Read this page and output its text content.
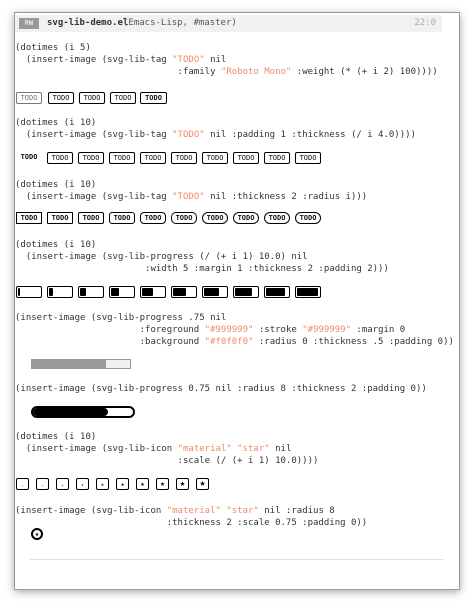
RW	svg-lib-demo.el
(Emacs-Lisp, #master)	22:0
(dotimes (i 5)
(insert-image (svg-lib-tag "TODO" nil
:family "Roboto Mono" :weight (* (+ i 2) 100))))
(dotimes (i 10)
(insert-image (svg-lib-tag "TODO" nil :padding 1 :thickness (/ i 4.0))))
(dotimes (i 10)
(insert-image (svg-lib-tag "TODO" nil :thickness 2 :radius i)))
(dotimes (i 10)
(insert-image (svg-lib-progress (/ (+ i 1) 10.0) nil
:width 5 :margin 1 :thickness 2 :padding 2)))
(insert-image (svg-lib-progress .75 nil
:foreground "#999999" :stroke "#999999" :margin 0
:background "#f0f0f0" :radius 0 :thickness .5 :padding 0))
(insert-image (svg-lib-progress 0.75 nil :radius 8 :thickness 2 :padding 0))
(dotimes (i 10)
(insert-image (svg-lib-icon "material" "star" nil
:scale (/ (+ i 1) 10.0))))
(insert-image (svg-lib-icon "material" "star" nil :radius 8
:thickness 2 :scale 0.75 :padding 0))
TODO	TODO	TODO	TODO	TODO
TODO	TODO	TODO	TODO	TODO	TODO	TODO	TODO	TODO	TODO
TODO	TODO	TODO	TODO	TODO	TODO	TODO	TODO	TODO	TODO
★	★	★	★	★	★	★	★	★	★
★
